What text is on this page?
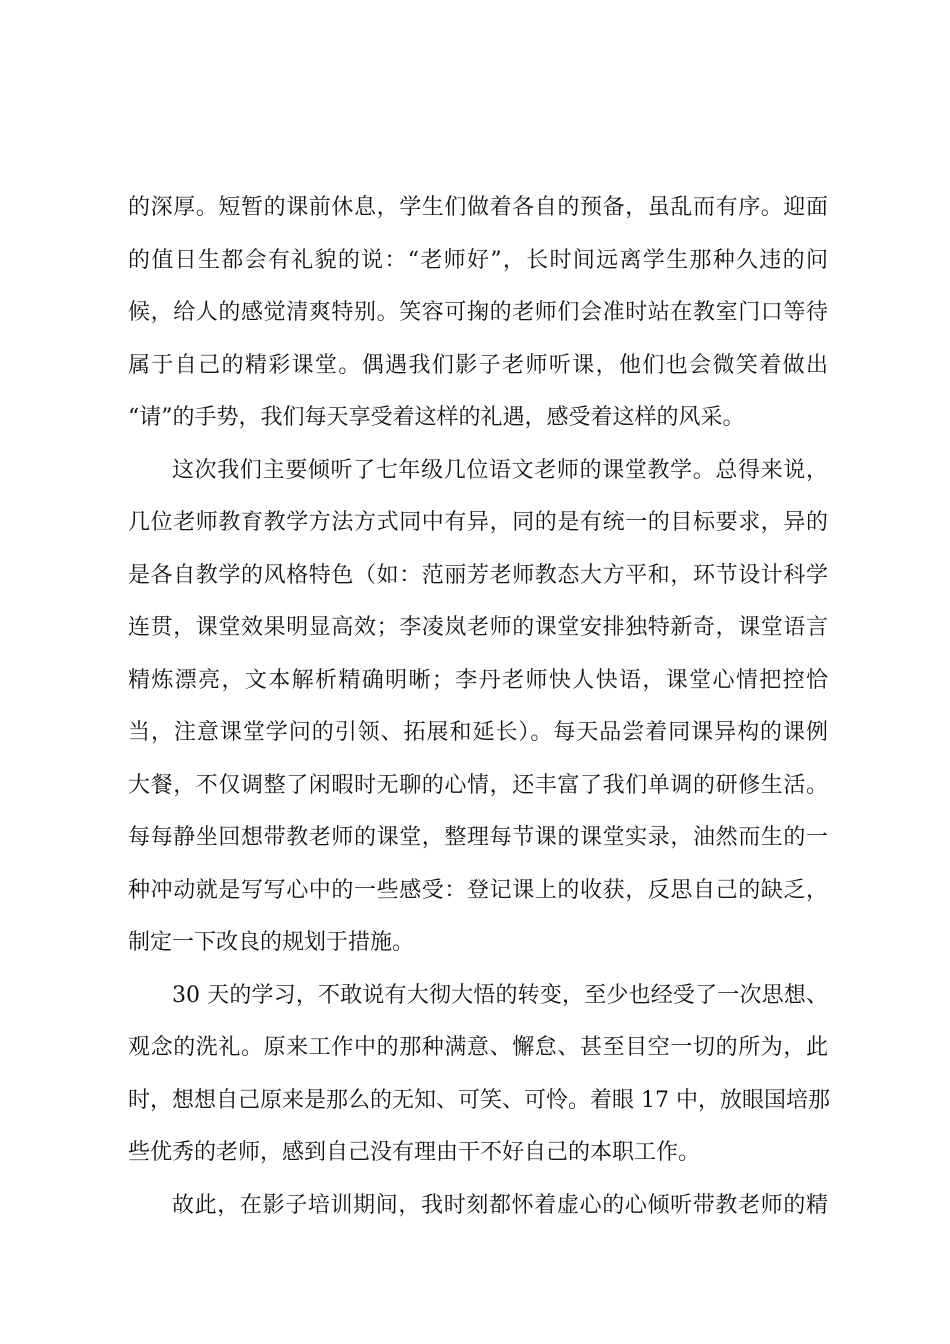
的深厚。短暂的课前休息，学生们做着各自的预备，虽乱而有序。迎面
的值日生都会有礼貌的说：“老师好”，长时间远离学生那种久违的问
候，给人的感觉清爽特别。笑容可掬的老师们会准时站在教室门口等待
属于自己的精彩课堂。偶遇我们影子老师听课，他们也会微笑着做出
“请”的手势，我们每天享受着这样的礼遇，感受着这样的风采。
这次我们主要倾听了七年级几位语文老师的课堂教学。总得来说，
几位老师教育教学方法方式同中有异，同的是有统一的目标要求，异的
是各自教学的风格特色（如：范丽芳老师教态大方平和，环节设计科学
连贯，课堂效果明显高效；李凌岚老师的课堂安排独特新奇，课堂语言
精炼漂亮，文本解析精确明晰；李丹老师快人快语，课堂心情把控恰
当，注意课堂学问的引领、拓展和延长）。每天品尝着同课异构的课例
大餐，不仅调整了闲暇时无聊的心情，还丰富了我们单调的研修生活。
每每静坐回想带教老师的课堂，整理每节课的课堂实录，油然而生的一
种冲动就是写写心中的一些感受：登记课上的收获，反思自己的缺乏，
制定一下改良的规划于措施。
30 天的学习，不敢说有大彻大悟的转变，至少也经受了一次思想、
观念的洗礼。原来工作中的那种满意、懈怠、甚至目空一切的所为，此
时，想想自己原来是那么的无知、可笑、可怜。着眼 17 中，放眼国培那
些优秀的老师，感到自己没有理由干不好自己的本职工作。
故此，在影子培训期间，我时刻都怀着虚心的心倾听带教老师的精
